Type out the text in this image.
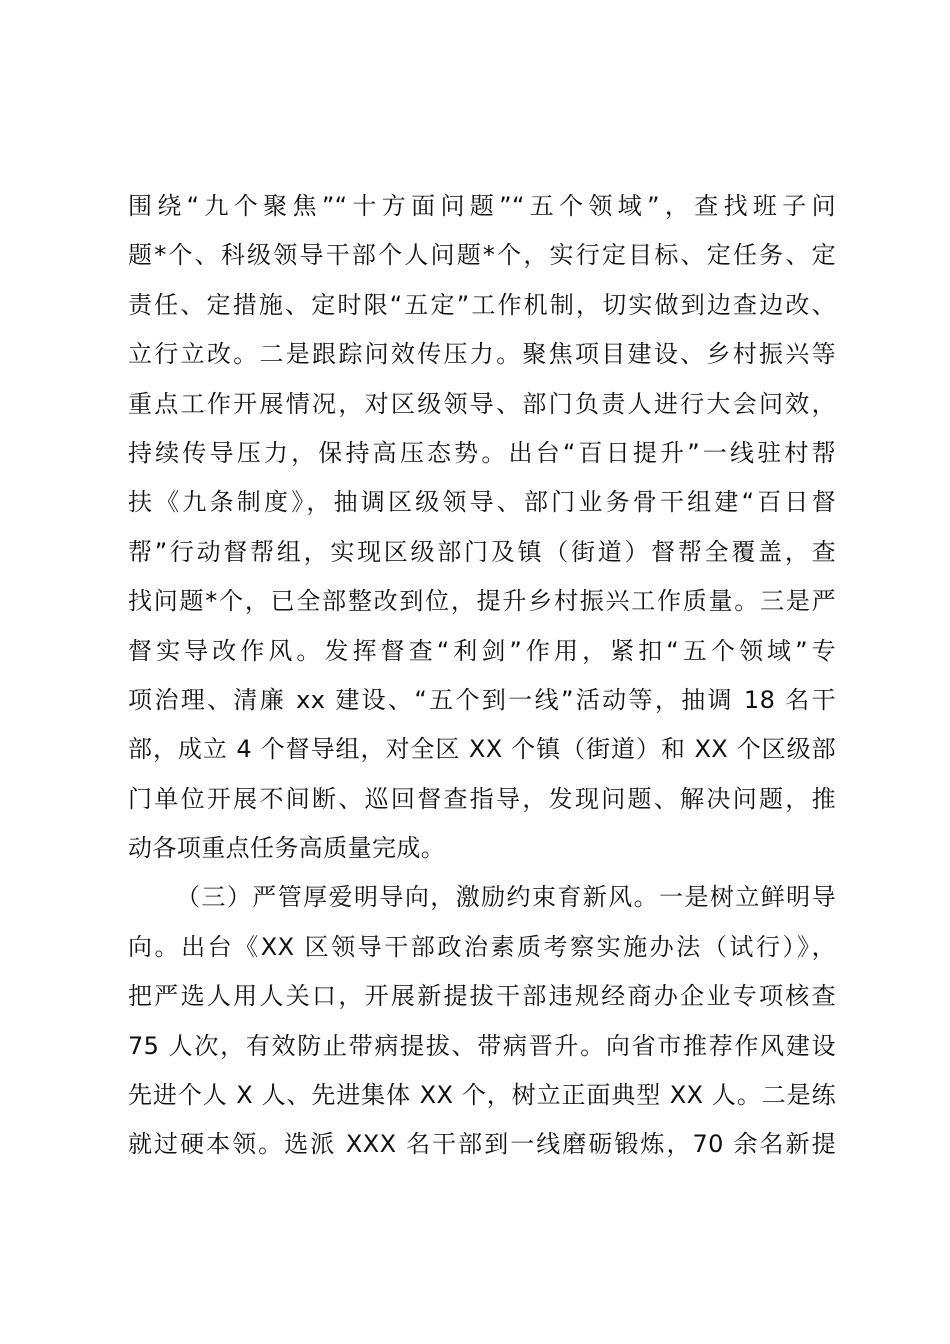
围绕“九个聚焦”“十方面问题”“五个领域”，查找班子问
题*个、科级领导干部个人问题*个，实行定目标、定任务、定
责任、定措施、定时限“五定”工作机制，切实做到边查边改、
立行立改。二是跟踪问效传压力。聚焦项目建设、乡村振兴等
重点工作开展情况，对区级领导、部门负责人进行大会问效，
持续传导压力，保持高压态势。出台“百日提升”一线驻村帮
扶《九条制度》，抽调区级领导、部门业务骨干组建“百日督
帮”行动督帮组，实现区级部门及镇（街道）督帮全覆盖，查
找问题*个，已全部整改到位，提升乡村振兴工作质量。三是严
督实导改作风。发挥督查“利剑”作用，紧扣“五个领域”专
项治理、清廉 xx 建设、“五个到一线”活动等，抽调 18 名干
部，成立 4 个督导组，对全区 XX 个镇（街道）和 XX 个区级部
门单位开展不间断、巡回督查指导，发现问题、解决问题，推
动各项重点任务高质量完成。
（三）严管厚爱明导向，激励约束育新风。一是树立鲜明导
向。出台《XX 区领导干部政治素质考察实施办法（试行）》，
把严选人用人关口，开展新提拔干部违规经商办企业专项核查
75 人次，有效防止带病提拔、带病晋升。向省市推荐作风建设
先进个人 X 人、先进集体 XX 个，树立正面典型 XX 人。二是练
就过硬本领。选派 XXX 名干部到一线磨砺锻炼，70 余名新提
